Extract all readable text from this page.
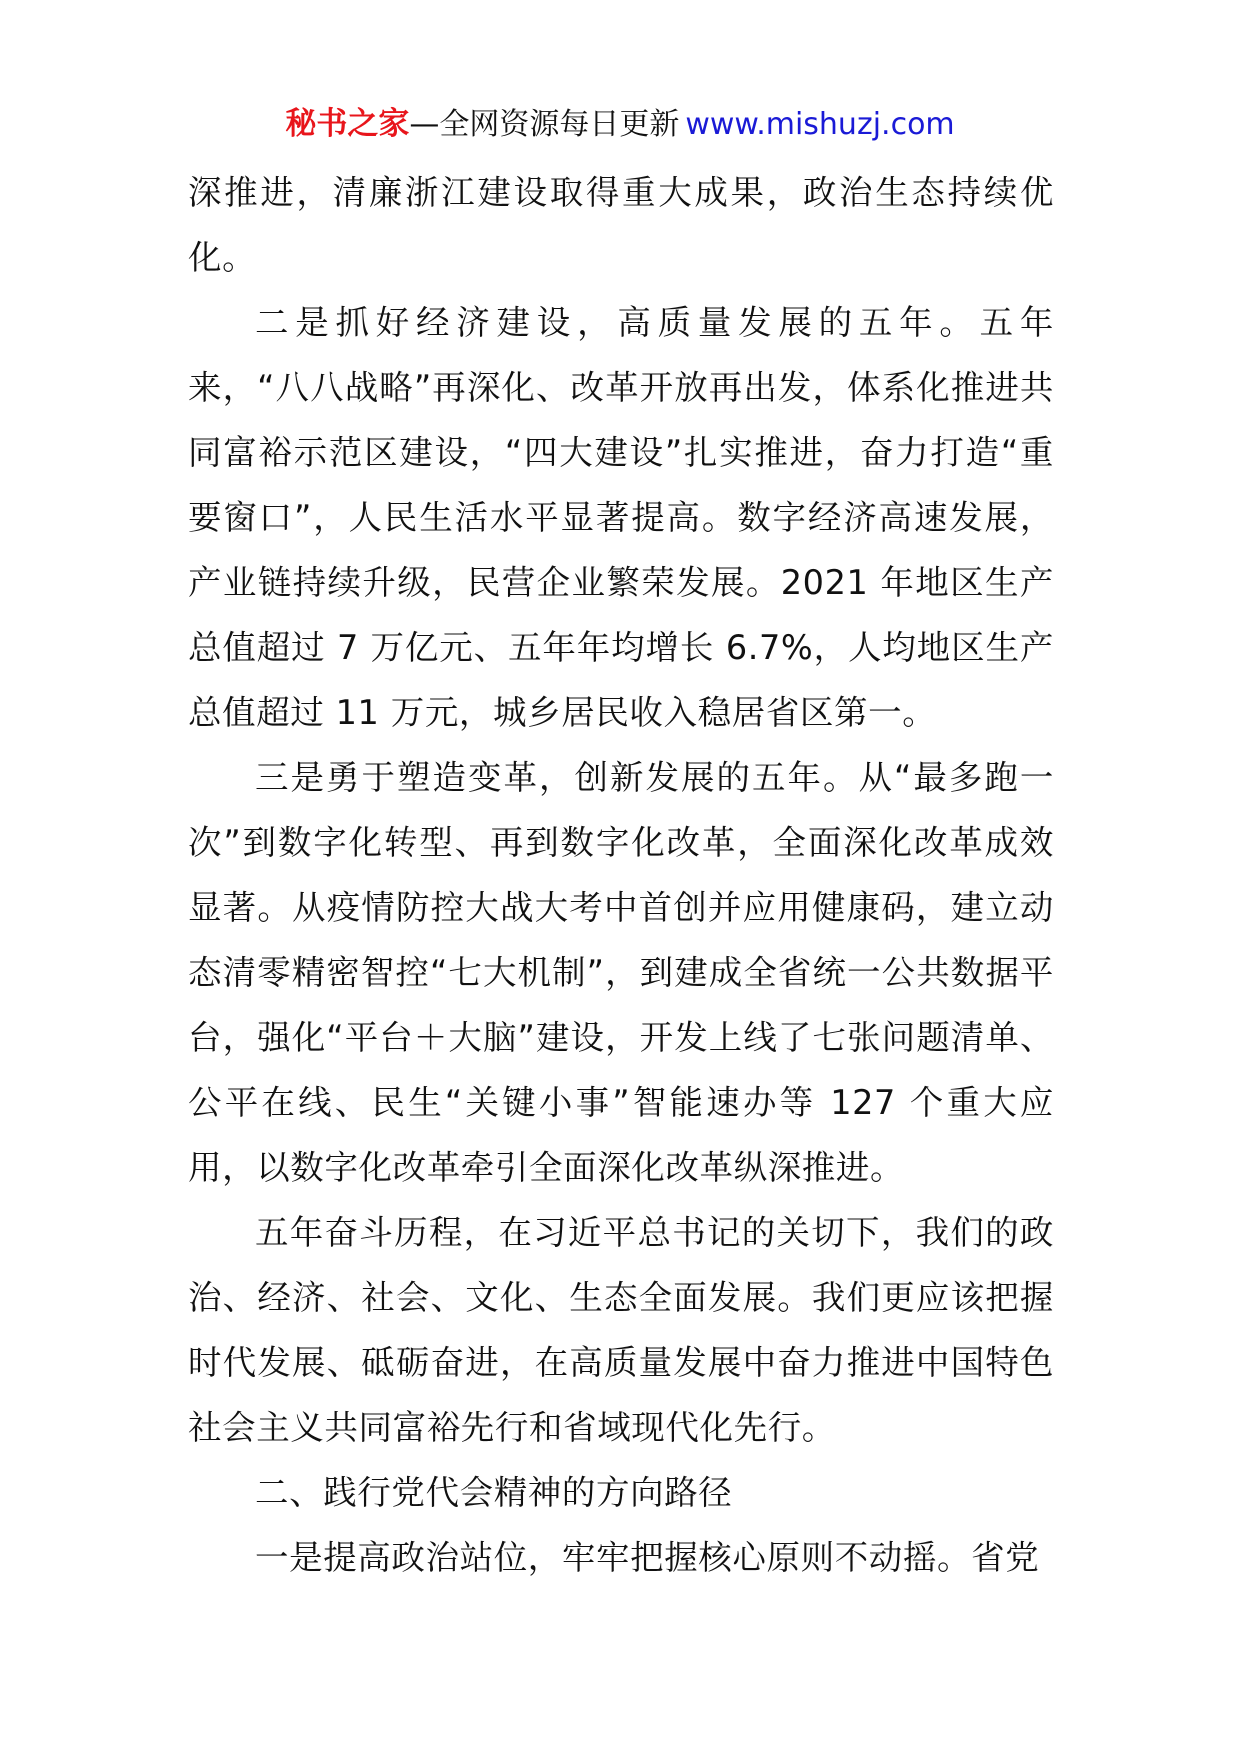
秘书之家—全网资源每日更新 www.mishuzj.com

深推进，清廉浙江建设取得重大成果，政治生态持续优化。

二是抓好经济建设，高质量发展的五年。五年来，“八八战略”再深化、改革开放再出发，体系化推进共同富裕示范区建设，“四大建设”扎实推进，奋力打造“重要窗口”，人民生活水平显著提高。数字经济高速发展，产业链持续升级，民营企业繁荣发展。2021 年地区生产总值超过 7 万亿元、五年年均增长 6.7%，人均地区生产总值超过 11 万元，城乡居民收入稳居省区第一。

三是勇于塑造变革，创新发展的五年。从“最多跑一次”到数字化转型、再到数字化改革，全面深化改革成效显著。从疫情防控大战大考中首创并应用健康码，建立动态清零精密智控“七大机制”，到建成全省统一公共数据平台，强化“平台＋大脑”建设，开发上线了七张问题清单、公平在线、民生“关键小事”智能速办等 127 个重大应用，以数字化改革牵引全面深化改革纵深推进。

五年奋斗历程，在习近平总书记的关切下，我们的政治、经济、社会、文化、生态全面发展。我们更应该把握时代发展、砥砺奋进，在高质量发展中奋力推进中国特色社会主义共同富裕先行和省域现代化先行。

二、践行党代会精神的方向路径

一是提高政治站位，牢牢把握核心原则不动摇。省党
